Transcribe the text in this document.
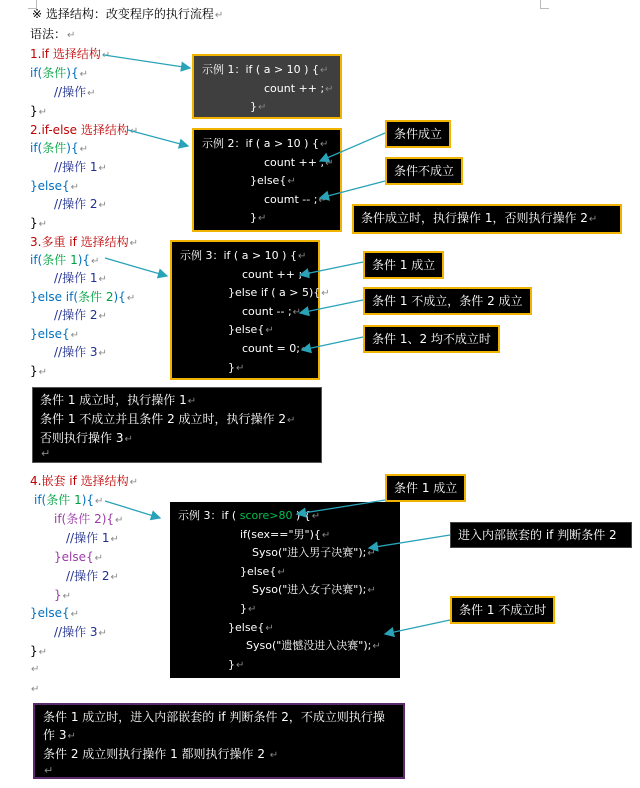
※ 选择结构：改变程序的执行流程↵
语法：↵
1.if 选择结构↵
if(条件){↵
//操作↵
}↵
2.if-else 选择结构↵
if(条件){↵
//操作 1↵
}else{↵
//操作 2↵
}↵
3.多重 if 选择结构↵
if(条件 1){↵
//操作 1↵
}else if(条件 2){↵
//操作 2↵
}else{↵
//操作 3↵
}↵
4.嵌套 if 选择结构↵
if(条件 1){↵
if(条件 2){↵
//操作 1↵
}else{↵
//操作 2↵
}↵
}else{↵
//操作 3↵
}↵
↵
↵
示例 1：if ( a > 10 ) {↵
count ++ ;↵
}↵
示例 2：if ( a > 10 ) {↵
count ++ ;↵
}else{↵
coumt -- ;↵
}↵
示例 3：if ( a > 10 ) {↵
count ++ ;↵
}else if ( a > 5){↵
count -- ;↵
}else{↵
count = 0;↵
}↵
示例 3：if ( score>80 ) {↵
if(sex=="男"){↵
Syso("进入男子决赛");↵
}else{↵
Syso("进入女子决赛");↵
}↵
}else{↵
Syso("遗憾没进入决赛");↵
}↵
条件成立
条件不成立
条件成立时，执行操作 1，否则执行操作 2↵
条件 1 成立
条件 1 不成立，条件 2 成立
条件 1、2 均不成立时
条件 1 成立
进入内部嵌套的 if 判断条件 2
条件 1 不成立时
条件 1 成立时，执行操作 1↵
条件 1 不成立并且条件 2 成立时，执行操作 2↵
否则执行操作 3↵
↵
条件 1 成立时，进入内部嵌套的 if 判断条件 2，不成立则执行操
作 3↵
条件 2 成立则执行操作 1 都则执行操作 2 ↵
↵
